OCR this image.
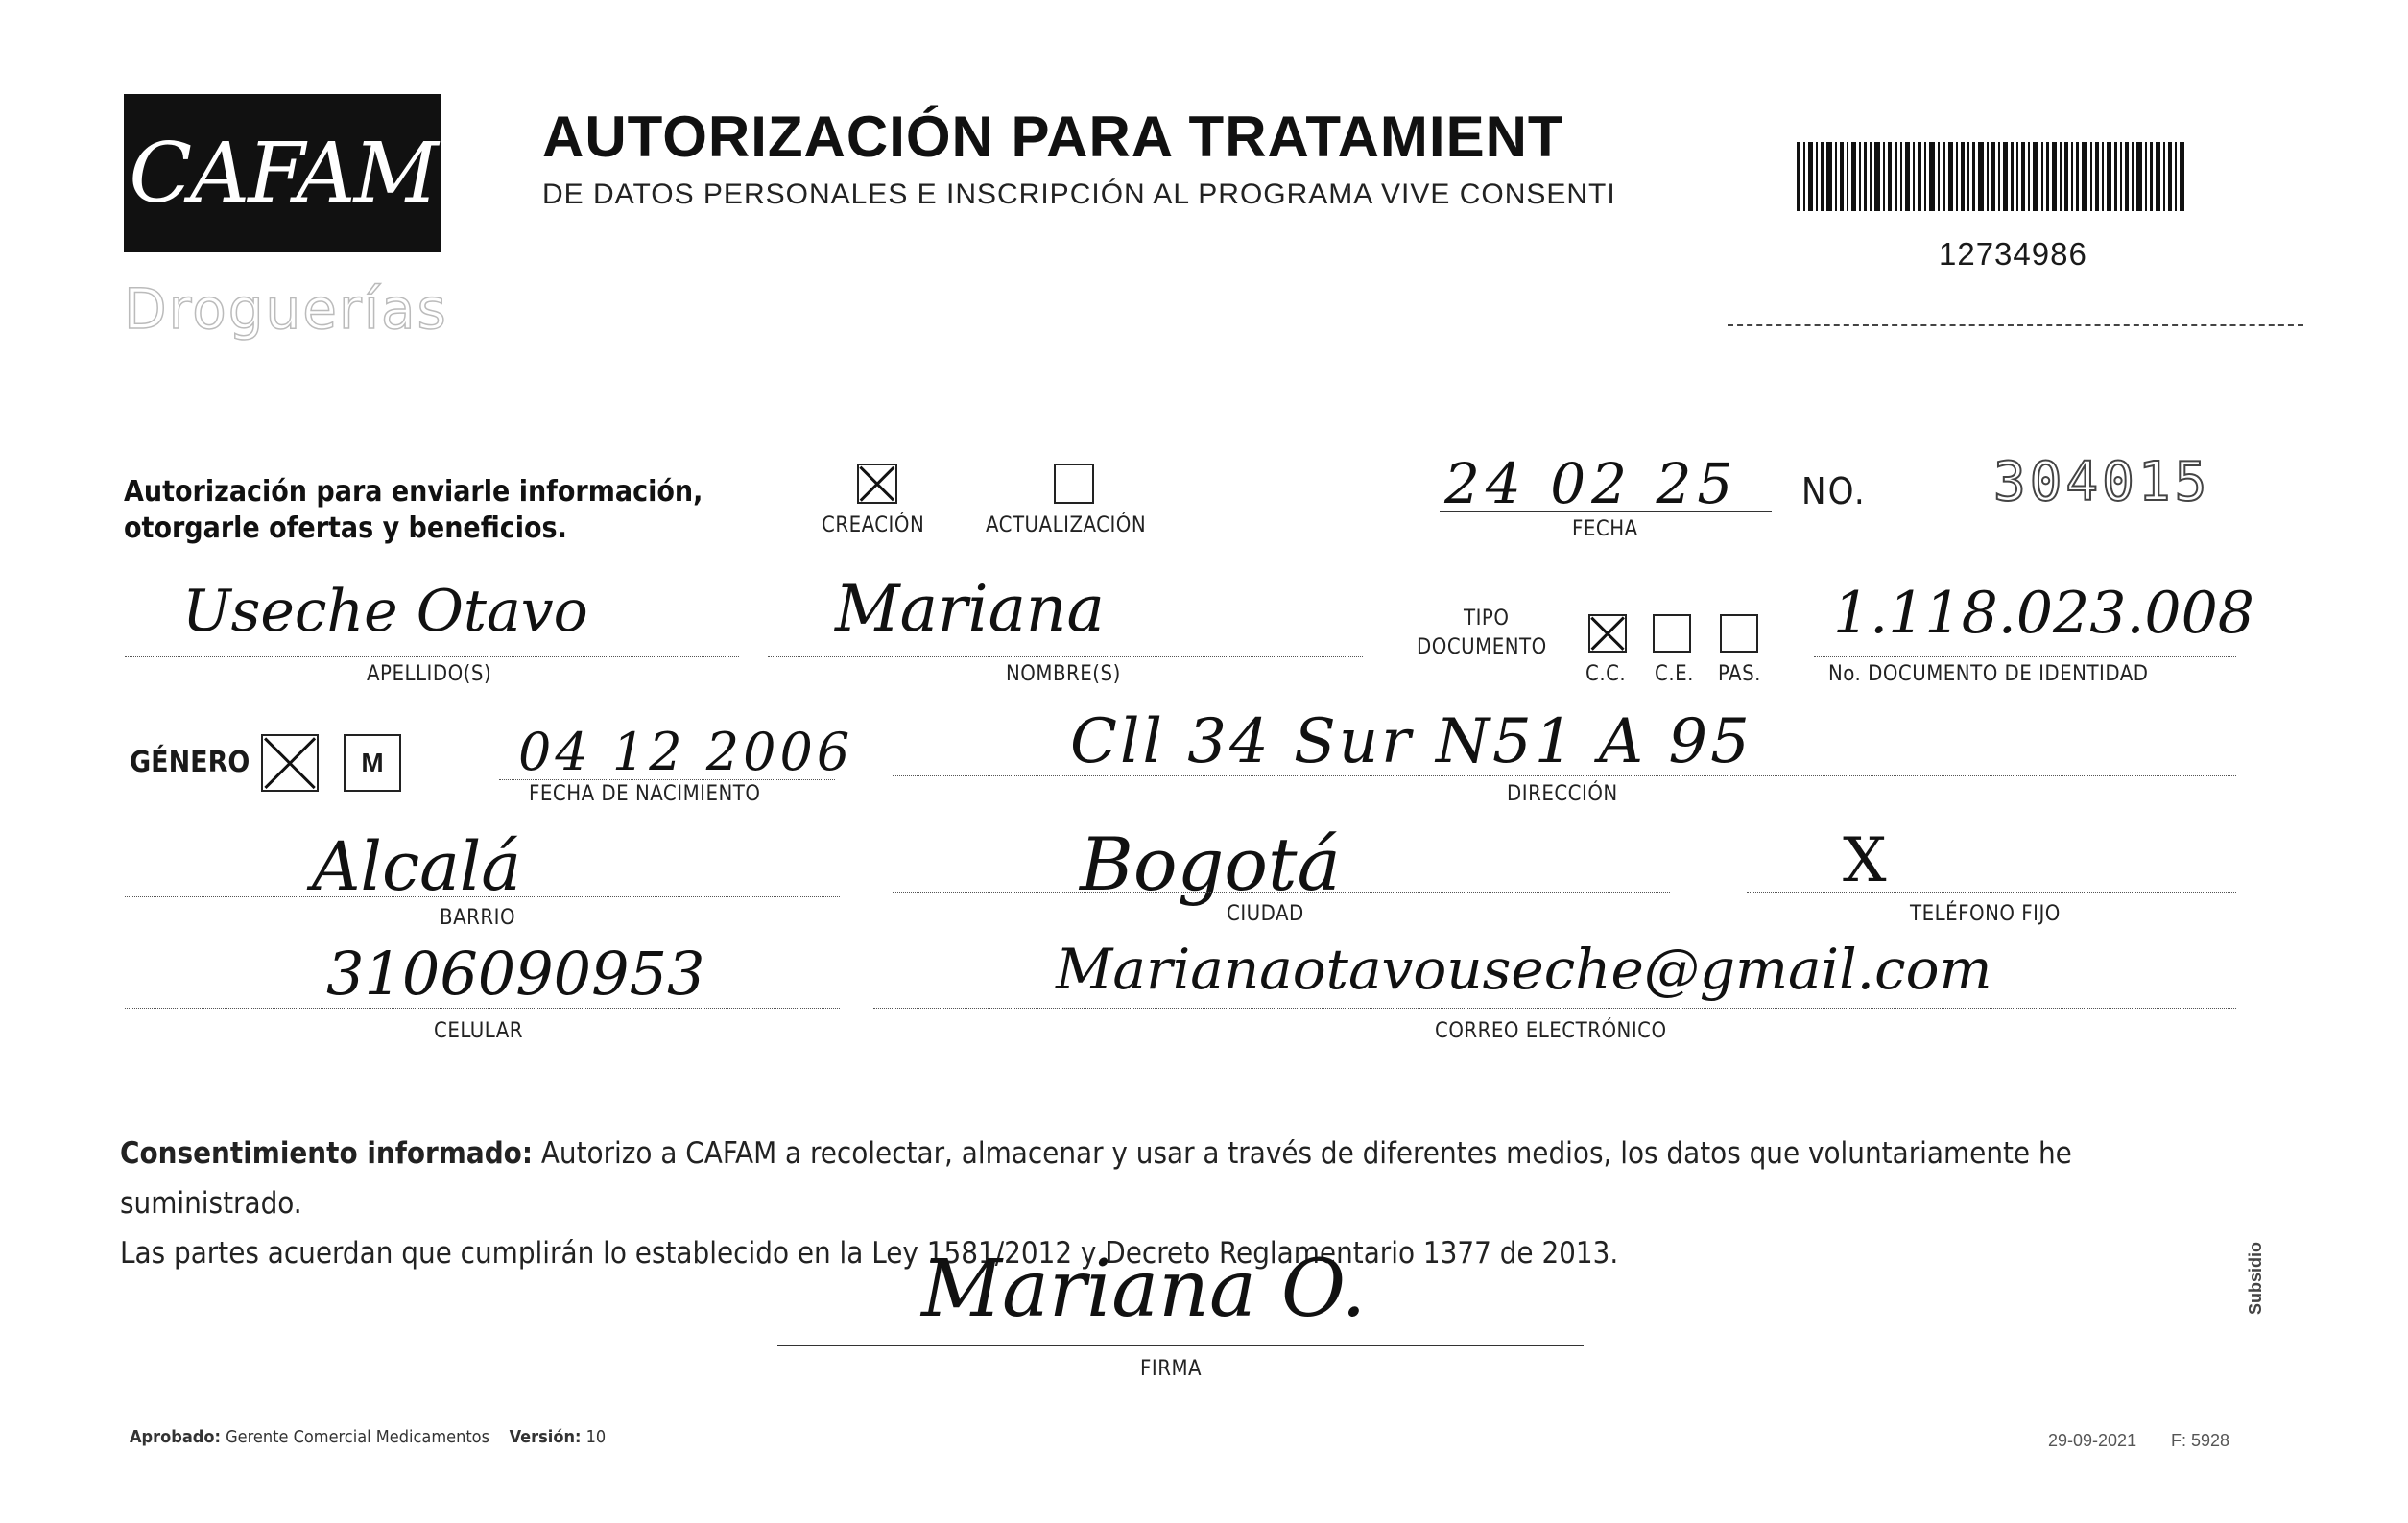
CAFAM
Droguerías
AUTORIZACIÓN PARA TRATAMIENT
DE DATOS PERSONALES E INSCRIPCIÓN AL PROGRAMA VIVE CONSENTI
12734986
Autorización para enviarle información,
otorgarle ofertas y beneficios.	CREACIÓN	ACTUALIZACIÓN
24 02 25
FECHA
NO. 304015
Useche Otavo
APELLIDO(S)
Mariana
NOMBRE(S)
TIPO
DOCUMENTO
C.C. C.E. PAS.
1.118.023.008
No. DOCUMENTO DE IDENTIDAD
GÉNERO	M	04 12 2006
FECHA DE NACIMIENTO
Cll 34 Sur N51 A 95
DIRECCIÓN
Alcalá
BARRIO
Bogotá
CIUDAD
X
TELÉFONO FIJO
3106090953
CELULAR
Marianaotavouseche@gmail.com
CORREO ELECTRÓNICO
Consentimiento informado: Autorizo a CAFAM a recolectar, almacenar y usar a través de diferentes medios, los datos que voluntariamente he suministrado.
Las partes acuerdan que cumplirán lo establecido en la Ley 1581/2012 y Decreto Reglamentario 1377 de 2013.
Mariana O.
FIRMA
Aprobado: Gerente Comercial Medicamentos Versión: 10	29-09-2021 F: 5928
Subsidio
